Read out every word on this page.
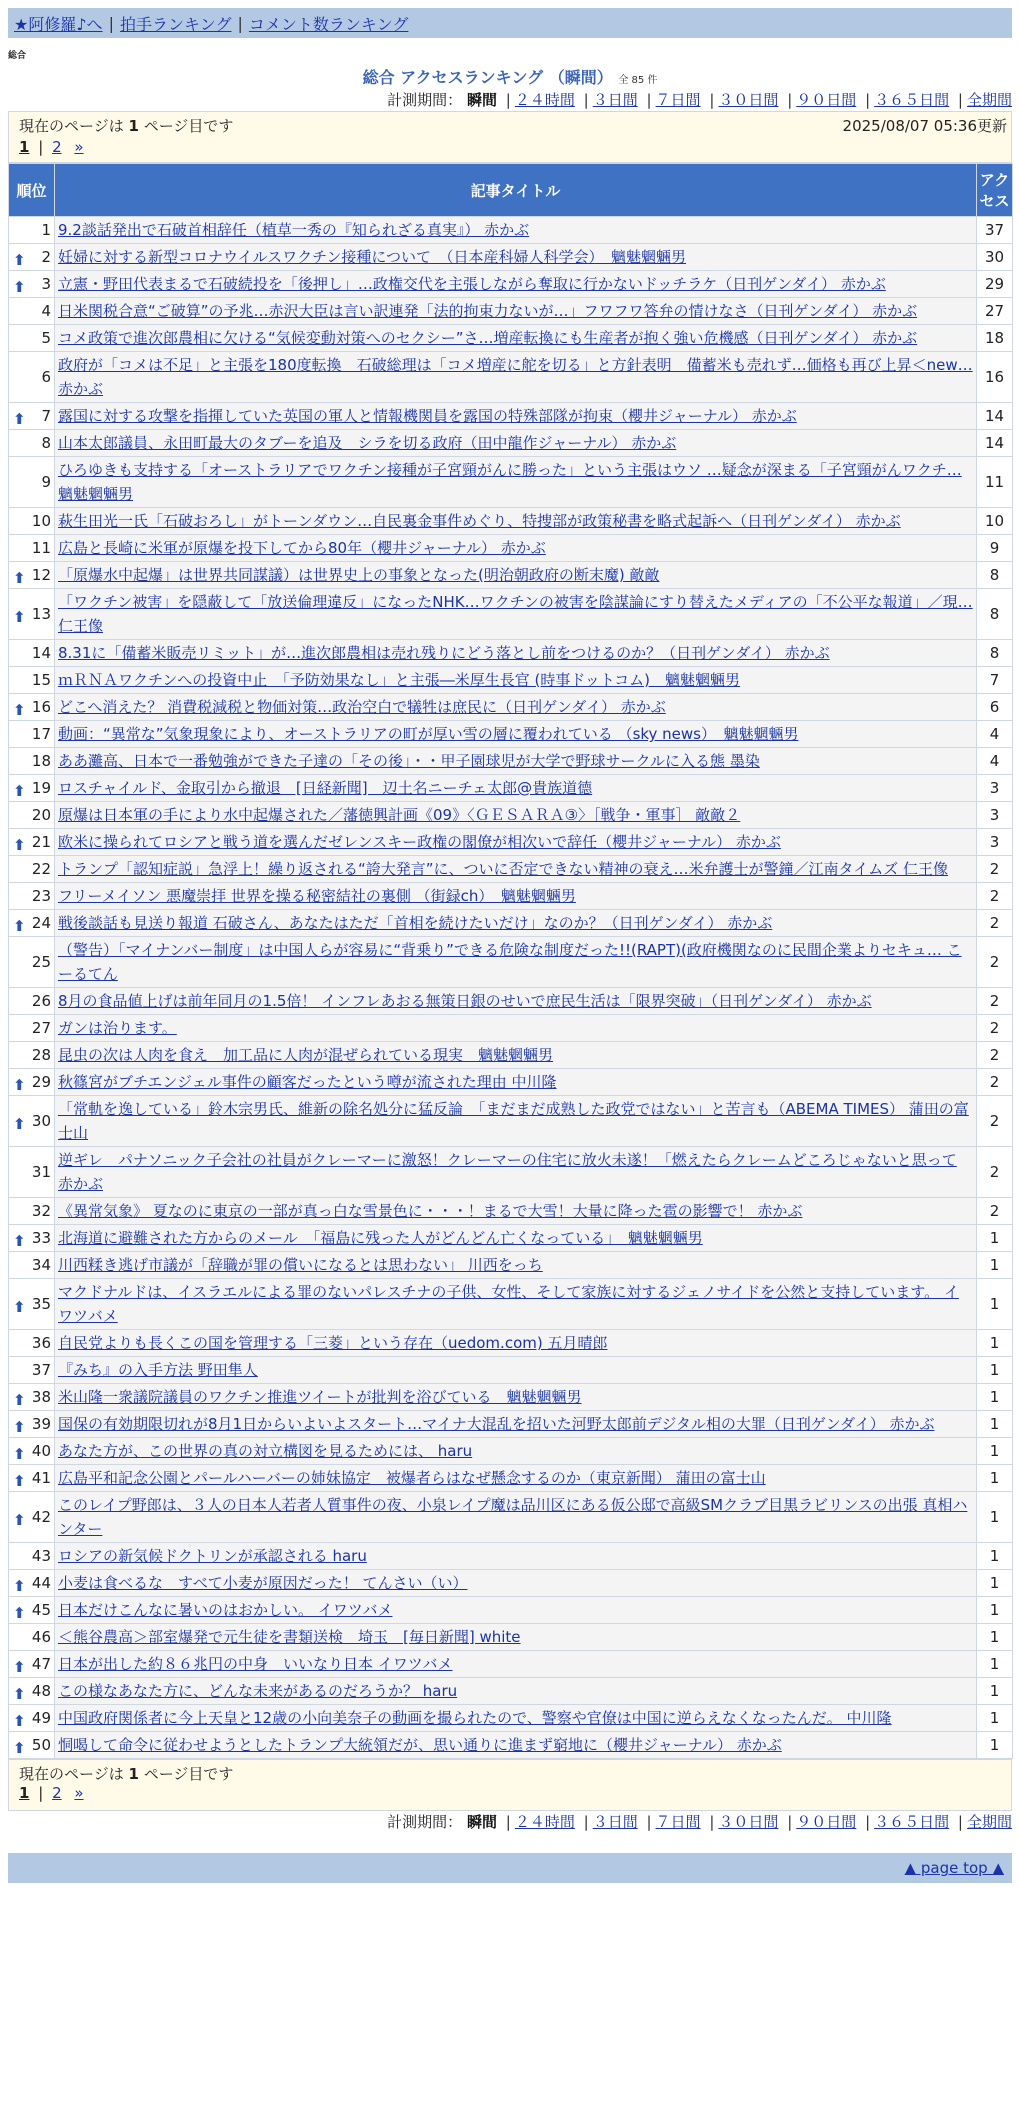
★阿修羅♪へ | 拍手ランキング | コメント数ランキング
総合
総合 アクセスランキング （瞬間） 全 85 件
計測期間： 瞬間 | ２４時間 | ３日間 | ７日間 | ３０日間 | ９０日間 | ３６５日間 | 全期間
現在のページは 1 ページ目です	2025/08/07 05:36更新
1 | 2 »
順位	記事タイトル	アクセス
1	9.2談話発出で石破首相辞任（植草一秀の『知られざる真実』） 赤かぶ	37

⬆ 2	妊婦に対する新型コロナウイルスワクチン接種について　（日本産科婦人科学会）　魑魅魍魎男	30

⬆ 3	立憲・野田代表まるで石破続投を「後押し」…政権交代を主張しながら奪取に行かないドッチラケ（日刊ゲンダイ） 赤かぶ	29
4	日米関税合意“ご破算”の予兆…赤沢大臣は言い訳連発「法的拘束力ないが…」フワフワ答弁の情けなさ（日刊ゲンダイ） 赤かぶ	27
5	コメ政策で進次郎農相に欠ける“気候変動対策へのセクシー”さ…増産転換にも生産者が抱く強い危機感（日刊ゲンダイ） 赤かぶ	18
6	政府が「コメは不足」と主張を180度転換　石破総理は「コメ増産に舵を切る」と方針表明　備蓄米も売れず…価格も再び上昇＜new… 赤かぶ	16

⬆ 7	露国に対する攻撃を指揮していた英国の軍人と情報機関員を露国の特殊部隊が拘束（櫻井ジャーナル） 赤かぶ	14
8	山本太郎議員、永田町最大のタブーを追及　シラを切る政府（田中龍作ジャーナル） 赤かぶ	14
9	ひろゆきも支持する「オーストラリアでワクチン接種が子宮頸がんに勝った」という主張はウソ …疑念が深まる「子宮頸がんワクチ… 魑魅魍魎男	11
10	萩生田光一氏「石破おろし」がトーンダウン…自民裏金事件めぐり、特捜部が政策秘書を略式起訴へ（日刊ゲンダイ） 赤かぶ	10
11	広島と長崎に米軍が原爆を投下してから80年（櫻井ジャーナル） 赤かぶ	9

⬆ 12	「原爆水中起爆」は世界共同謀議）は世界史上の事象となった(明治朝政府の断末魔) 敵敵	8

⬆ 13	「ワクチン被害」を隠蔽して「放送倫理違反」になったNHK…ワクチンの被害を陰謀論にすり替えたメディアの「不公平な報道」／現… 仁王像	8
14	8.31に「備蓄米販売リミット」が…進次郎農相は売れ残りにどう落とし前をつけるのか？（日刊ゲンダイ） 赤かぶ	8
15	ｍＲＮＡワクチンへの投資中止　「予防効果なし」と主張―米厚生長官 (時事ドットコム)　魑魅魍魎男	7

⬆ 16	どこへ消えた？ 消費税減税と物価対策…政治空白で犠牲は庶民に（日刊ゲンダイ） 赤かぶ	6
17	動画：“異常な”気象現象により、オーストラリアの町が厚い雪の層に覆われている （sky news）　魑魅魍魎男	4
18	ああ灘高、日本で一番勉強ができた子達の「その後」・・甲子園球児が大学で野球サークルに入る態 墨染	4

⬆ 19	ロスチャイルド、金取引から撤退　[日経新聞]　辺土名ニーチェ太郎@貴族道德	3
20	原爆は日本軍の手により水中起爆された／藩徳興計画《09》〈ＧＥＳＡＲＡ③〉［戦争・軍事］ 敵敵２	3

⬆ 21	欧米に操られてロシアと戦う道を選んだゼレンスキー政権の閣僚が相次いで辞任（櫻井ジャーナル） 赤かぶ	3
22	トランプ「認知症説」急浮上！繰り返される“誇大発言”に、ついに否定できない精神の衰え…米弁護士が警鐘／江南タイムズ 仁王像	2
23	フリーメイソン 悪魔崇拝 世界を操る秘密結社の裏側 （街録ch）　魑魅魍魎男	2

⬆ 24	戦後談話も見送り報道 石破さん、あなたはただ「首相を続けたいだけ」なのか？（日刊ゲンダイ） 赤かぶ	2
25	（警告）「マイナンバー制度」は中国人らが容易に“背乗り”できる危険な制度だった!!(RAPT)(政府機関なのに民間企業よりセキュ… こーるてん	2
26	8月の食品値上げは前年同月の1.5倍！ インフレあおる無策日銀のせいで庶民生活は「限界突破」（日刊ゲンダイ） 赤かぶ	2
27	ガンは治ります。	2
28	昆虫の次は人肉を食え　加工品に人肉が混ぜられている現実　魑魅魍魎男	2

⬆ 29	秋篠宮がブチエンジェル事件の顧客だったという噂が流された理由 中川隆	2

⬆ 30	「常軌を逸している」鈴木宗男氏、維新の除名処分に猛反論　「まだまだ成熟した政党ではない」と苦言も（ABEMA TIMES） 蒲田の富士山	2
31	逆ギレ　パナソニック子会社の社員がクレーマーに激怒！クレーマーの住宅に放火未遂！「燃えたらクレームどころじゃないと思って 赤かぶ	2
32	《異常気象》 夏なのに東京の一部が真っ白な雪景色に・・・！まるで大雪！大量に降った雹の影響で！ 赤かぶ	2

⬆ 33	北海道に避難された方からのメール　「福島に残った人がどんどん亡くなっている」　魑魅魍魎男	1
34	川西糅き逃げ市議が「辞職が罪の償いになるとは思わない」 川西をっち	1

⬆ 35	マクドナルドは、イスラエルによる罪のないパレスチナの子供、女性、そして家族に対するジェノサイドを公然と支持しています。 イワツバメ	1
36	自民党よりも長くこの国を管理する「三菱」という存在（uedom.com) 五月晴郎	1
37	『みち』の入手方法 野田隼人	1

⬆ 38	米山隆一衆議院議員のワクチン推進ツイートが批判を浴びている　魑魅魍魎男	1

⬆ 39	国保の有効期限切れが8月1日からいよいよスタート…マイナ大混乱を招いた河野太郎前デジタル相の大罪（日刊ゲンダイ） 赤かぶ	1

⬆ 40	あなた方が、この世界の真の対立構図を見るためには、 haru	1

⬆ 41	広島平和記念公園とパールハーバーの姉妹協定　被爆者らはなぜ懸念するのか（東京新聞） 蒲田の富士山	1

⬆ 42	このレイプ野郎は、３人の日本人若者人質事件の夜、小泉レイプ魔は品川区にある仮公邸で高級SMクラブ目黒ラビリンスの出張 真相ハンター	1
43	ロシアの新気候ドクトリンが承認される haru	1

⬆ 44	小麦は食べるな　すべて小麦が原因だった！ てんさい（い）	1

⬆ 45	日本だけこんなに暑いのはおかしい。 イワツバメ	1
46	＜熊谷農高＞部室爆発で元生徒を書類送検　埼玉　[毎日新聞] white	1

⬆ 47	日本が出した約８６兆円の中身　いいなり日本 イワツバメ	1

⬆ 48	この様なあなた方に、どんな未来があるのだろうか？ haru	1

⬆ 49	中国政府関係者に今上天皇と12歳の小向美奈子の動画を撮られたので、警察や官僚は中国に逆らえなくなったんだ。 中川隆	1

⬆ 50	恫喝して命令に従わせようとしたトランプ大統領だが、思い通りに進まず窮地に（櫻井ジャーナル） 赤かぶ	1
現在のページは 1 ページ目です
1 | 2 »
計測期間： 瞬間 | ２４時間 | ３日間 | ７日間 | ３０日間 | ９０日間 | ３６５日間 | 全期間
▲ page top ▲
